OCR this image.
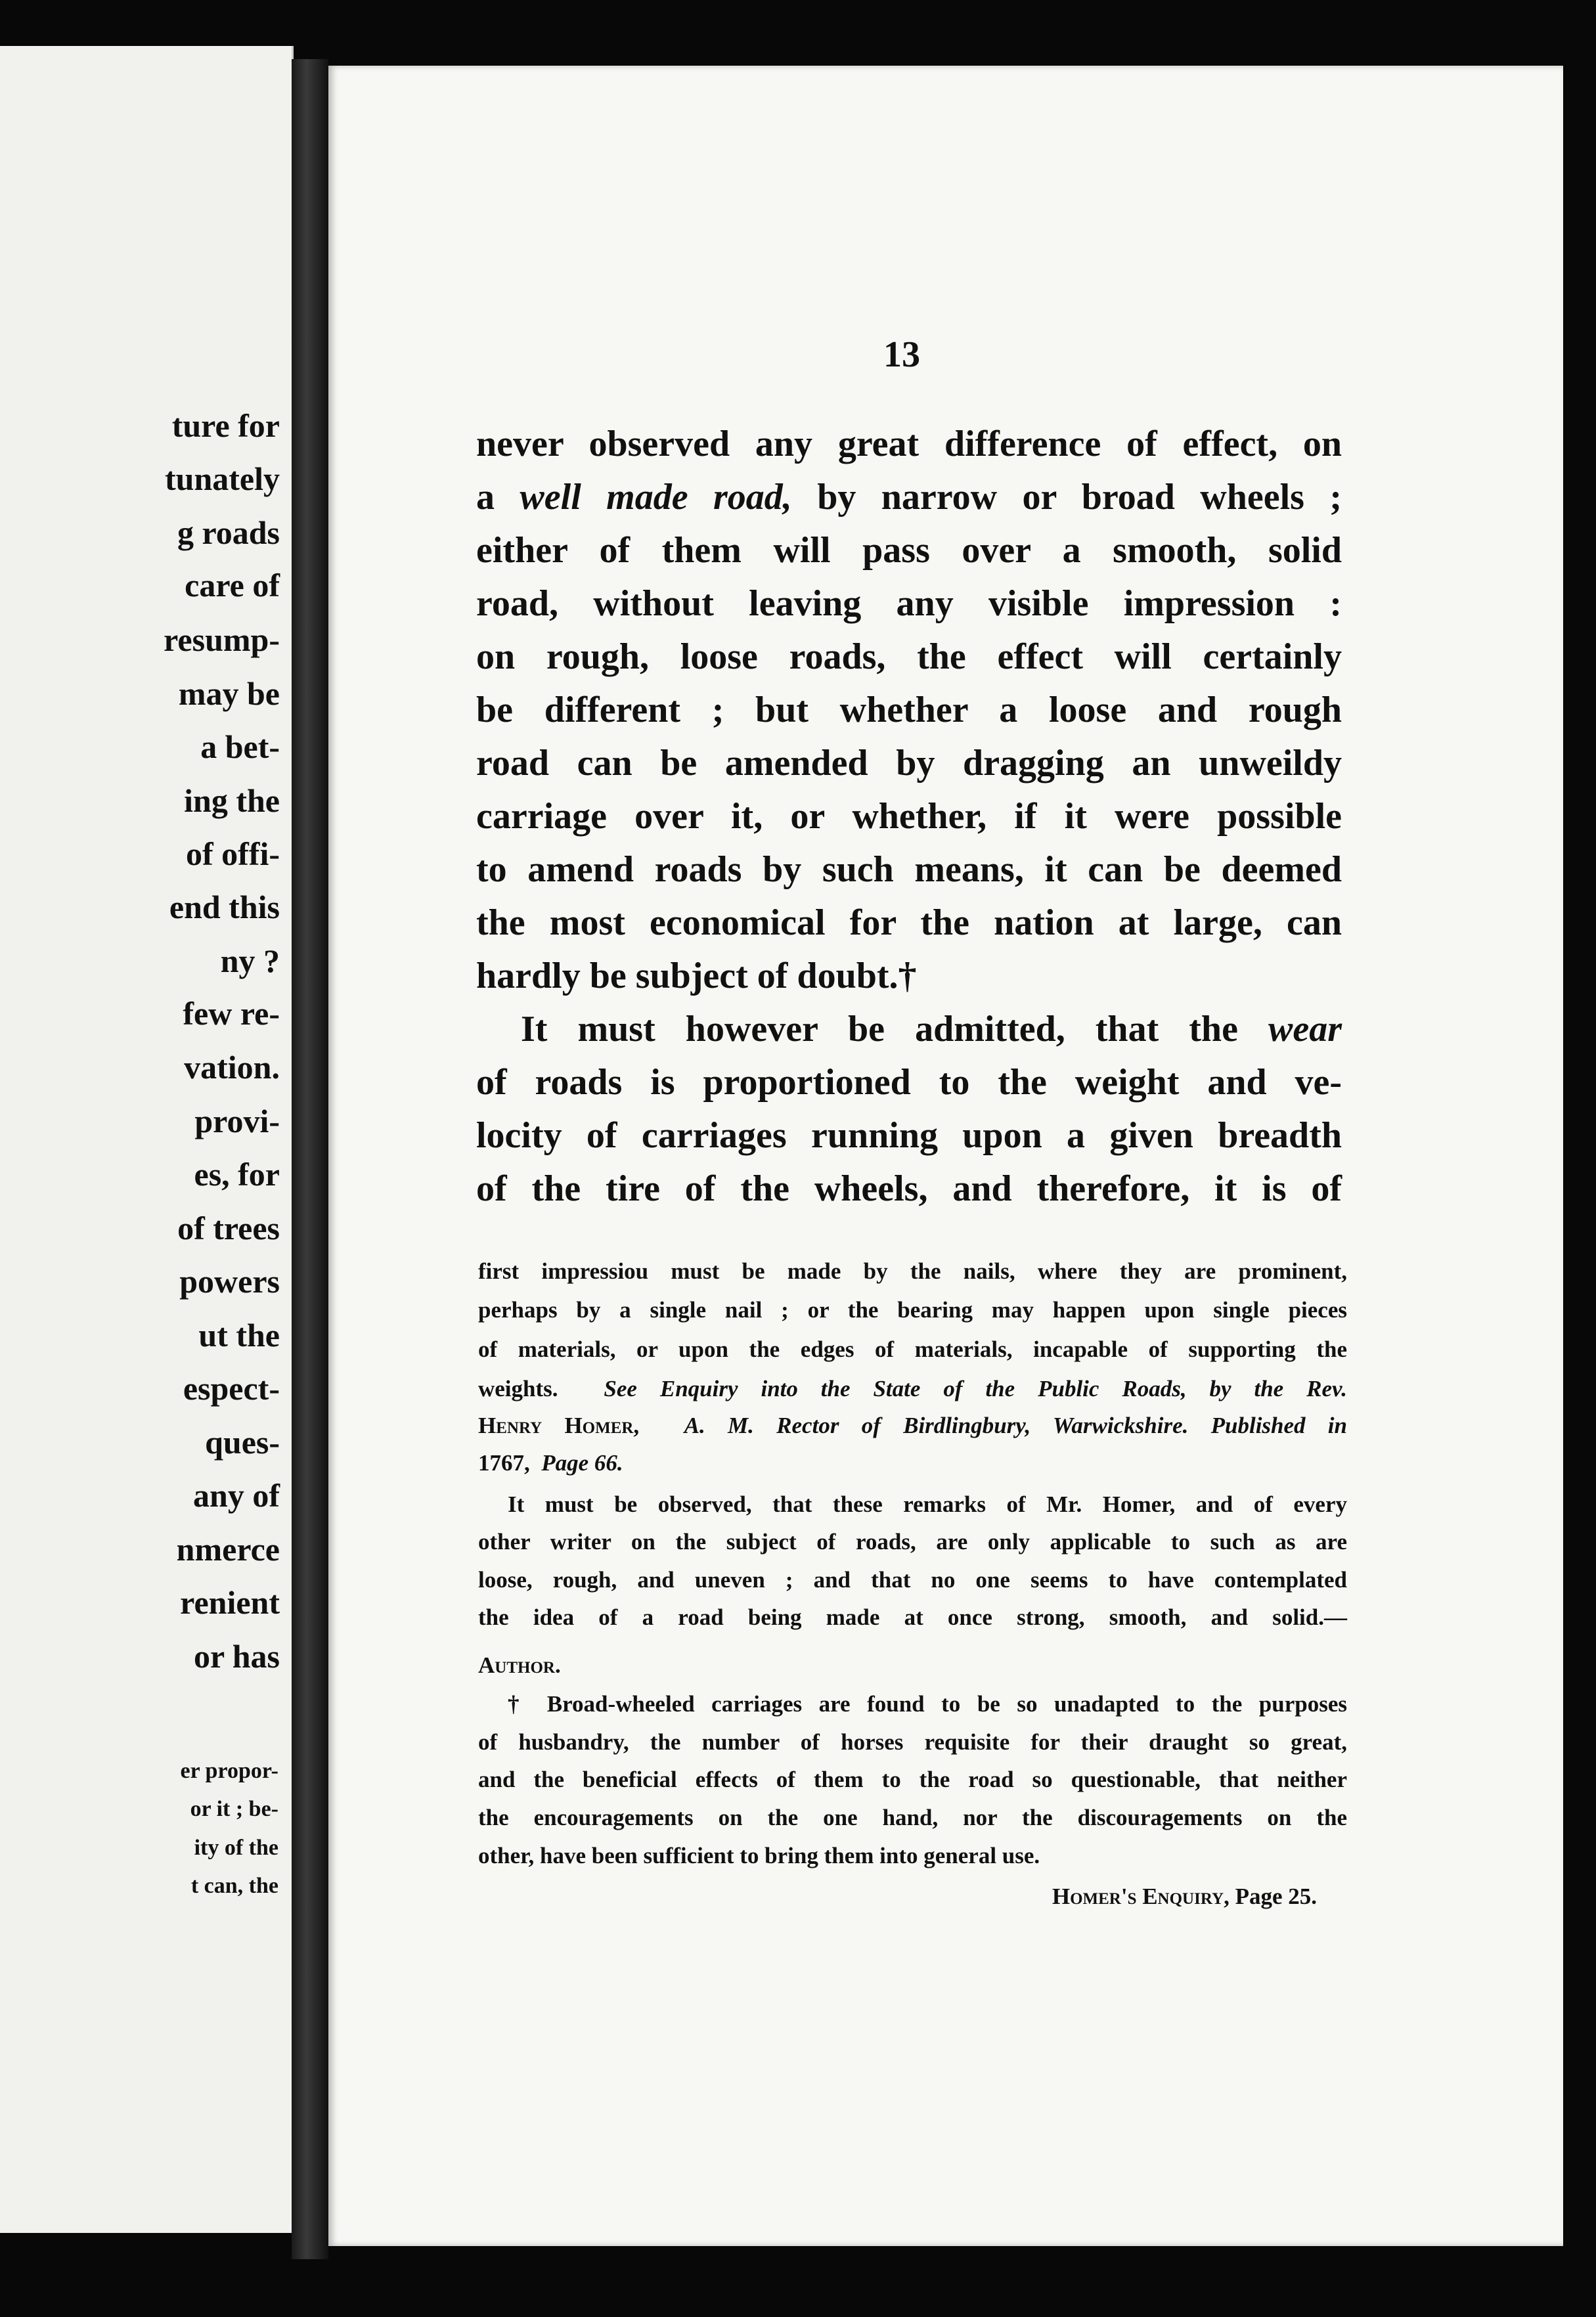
ture for
tunately
g roads
care of
resump-
may be
a bet-
ing the
of offi-
end this
ny ?
few re-
vation.
provi-
es, for
of trees
powers
ut the
espect-
ques-
any of
nmerce
renient
or has
er propor-
or it ; be-
ity of the
t can, the
13
never observed any great difference of effect, on
a well made road, by narrow or broad wheels ;
either of them will pass over a smooth, solid
road, without leaving any visible impression :
on rough, loose roads, the effect will certainly
be different ; but whether a loose and rough
road can be amended by dragging an unweildy
carriage over it, or whether, if it were possible
to amend roads by such means, it can be deemed
the most economical for the nation at large, can
hardly be subject of doubt.†
It must however be admitted, that the wear
of roads is proportioned to the weight and ve-
locity of carriages running upon a given breadth
of the tire of the wheels, and therefore, it is of
weights. See Enquiry into the State of the Public Roads, by the Rev.
Henry Homer, A. M. Rector of Birdlingbury, Warwickshire. Published in
1767, Page 66.
Author.
Homer's Enquiry, Page 25.
first impressiou must be made by the nails, where they are prominent,
perhaps by a single nail ; or the bearing may happen upon single pieces
of materials, or upon the edges of materials, incapable of supporting the
It must be observed, that these remarks of Mr. Homer, and of every
other writer on the subject of roads, are only applicable to such as are
loose, rough, and uneven ; and that no one seems to have contemplated
the idea of a road being made at once strong, smooth, and solid.—
† Broad-wheeled carriages are found to be so unadapted to the purposes
of husbandry, the number of horses requisite for their draught so great,
and the beneficial effects of them to the road so questionable, that neither
the encouragements on the one hand, nor the discouragements on the
other, have been sufficient to bring them into general use.
